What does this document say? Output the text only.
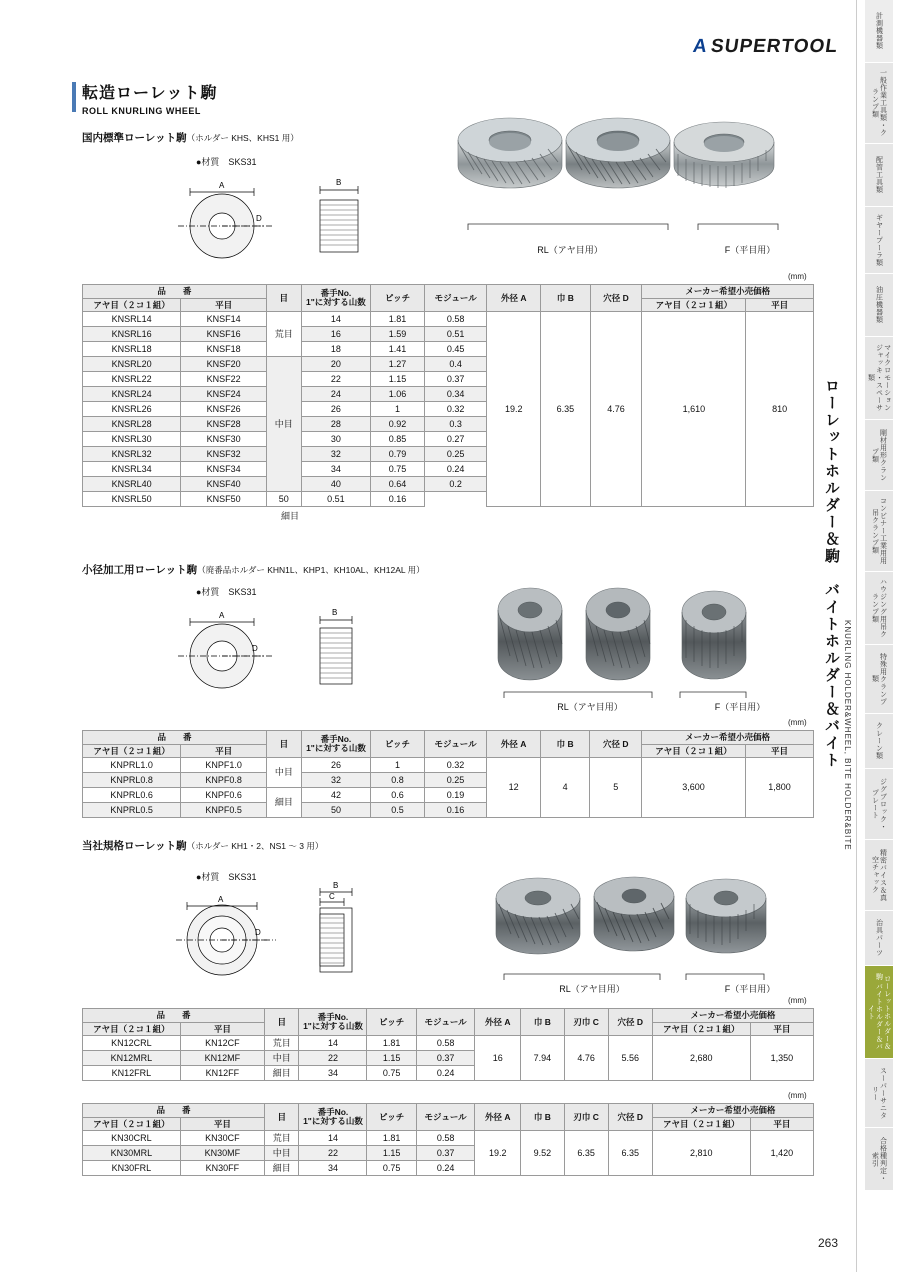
A SUPERTOOL
転造ローレット駒
ROLL KNURLING WHEEL
ローレットホルダー＆駒　バイトホルダー＆バイト KNURLING HOLDER&WHEEL, BITE HOLDER&BITE
国内標準ローレット駒（ホルダー KHS、KHS1 用）
●材質　SKS31
A	B
D
RL（アヤ目用）	F（平目用）
(mm)
品　　番		目	番手No.
1"に対する山数	ピッチ	モジュール	外径 A	巾 B	穴径 D	メーカー希望小売価格	
アヤ目（２コ１組）	平目								アヤ目（２コ１組）	平目
KNSRL14	KNSF14	荒目	14	1.81	0.58	19.2	6.35	4.76	1,610	810
KNSRL16	KNSF16		16	1.59	0.51					
KNSRL18	KNSF18		18	1.41	0.45					
KNSRL20	KNSF20	中目	20	1.27	0.4					
KNSRL22	KNSF22		22	1.15	0.37					
KNSRL24	KNSF24		24	1.06	0.34					
KNSRL26	KNSF26		26	1	0.32					
KNSRL28	KNSF28		28	0.92	0.3					
KNSRL30	KNSF30		30	0.85	0.27					
KNSRL32	KNSF32		32	0.79	0.25					
KNSRL34	KNSF34		34	0.75	0.24					
KNSRL40	KNSF40		40	0.64	0.2					
KNSRL50	KNSF50	50	0.51	0.16						
細目
小径加工用ローレット駒（廃番品ホルダー KHN1L、KHP1、KH10AL、KH12AL 用）
●材質　SKS31
A	B
D
RL（アヤ目用）	F（平目用）
(mm)
品　　番		目	番手No.
1"に対する山数	ピッチ	モジュール	外径 A	巾 B	穴径 D	メーカー希望小売価格	
アヤ目（２コ１組）	平目								アヤ目（２コ１組）	平目
KNPRL1.0	KNPF1.0	中目	26	1	0.32	12	4	5	3,600	1,800
KNPRL0.8	KNPF0.8		32	0.8	0.25					
KNPRL0.6	KNPF0.6	細目	42	0.6	0.19					
KNPRL0.5	KNPF0.5		50	0.5	0.16					
当社規格ローレット駒（ホルダー KH1・2、NS1 ～ 3 用）
●材質　SKS31
A
B
C
D
RL（アヤ目用）	F（平目用）
(mm)
品　　番		目	番手No.
1"に対する山数	ピッチ	モジュール	外径 A	巾 B	刃巾 C	穴径 D	メーカー希望小売価格	
アヤ目（２コ１組）	平目									アヤ目（２コ１組）	平目
KN12CRL	KN12CF	荒目	14	1.81	0.58	16	7.94	4.76	5.56	2,680	1,350
KN12MRL	KN12MF	中目	22	1.15	0.37						
KN12FRL	KN12FF	細目	34	0.75	0.24						
(mm)
品　　番		目	番手No.
1"に対する山数	ピッチ	モジュール	外径 A	巾 B	刃巾 C	穴径 D	メーカー希望小売価格	
アヤ目（２コ１組）	平目									アヤ目（２コ１組）	平目
KN30CRL	KN30CF	荒目	14	1.81	0.58	19.2	9.52	6.35	6.35	2,810	1,420
KN30MRL	KN30MF	中目	22	1.15	0.37						
KN30FRL	KN30FF	細目	34	0.75	0.24						
263
計測機器類
一般作業工具類・クランプ類
配管工具類
ギヤープーラ類
油圧機器類
マイクロモーションジャッキ・スペーサ類
剛材用形クランプ類
コンビナー工業用用吊クランプ類
ハウジング用吊クランプ類
特殊用クランプ類
クレーン類
ジグブロック・プレート
精密バイス＆真空チャック
治具パーツ
ローレットホルダー＆駒 バイトホルダー＆バイト
スーパーサニタリー
合格種判定・索引
